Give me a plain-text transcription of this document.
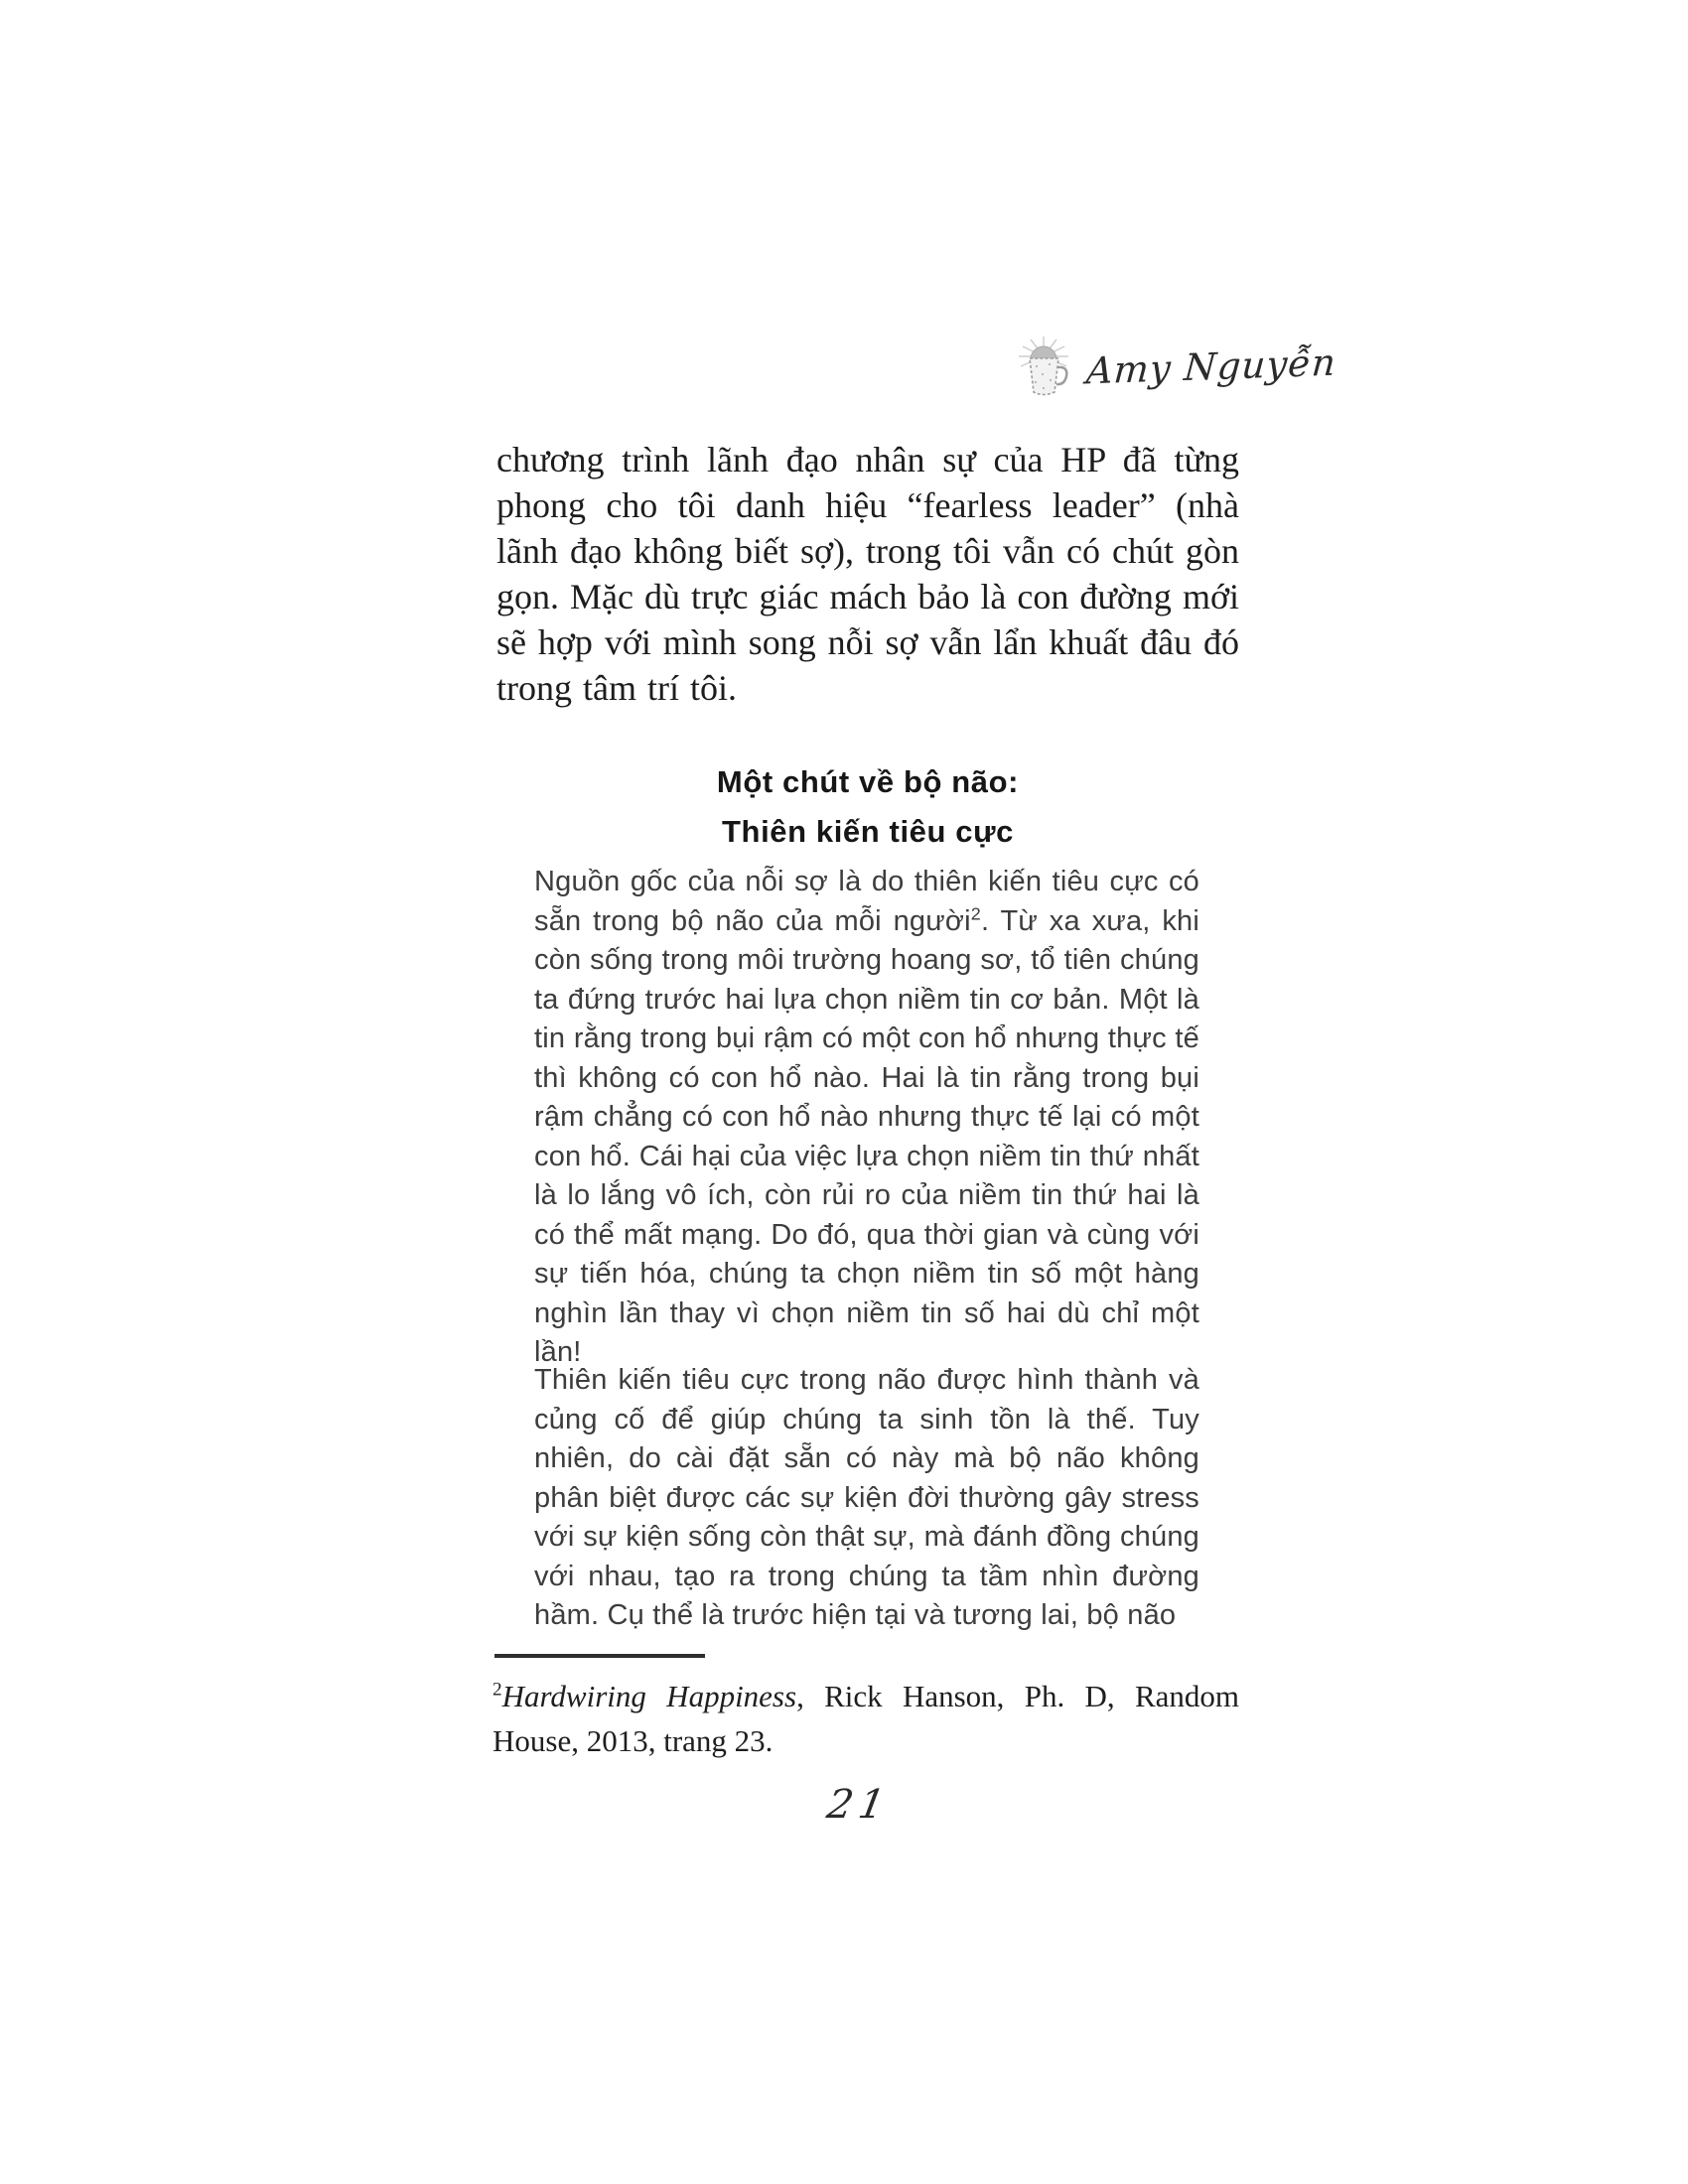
Amy Nguyễn
chương trình lãnh đạo nhân sự của HP đã từng phong cho tôi danh hiệu “fearless leader” (nhà lãnh đạo không biết sợ), trong tôi vẫn có chút gòn gọn. Mặc dù trực giác mách bảo là con đường mới sẽ hợp với mình song nỗi sợ vẫn lẩn khuất đâu đó trong tâm trí tôi.
Một chút về bộ não:
Thiên kiến tiêu cực
Nguồn gốc của nỗi sợ là do thiên kiến tiêu cực có sẵn trong bộ não của mỗi người$^2$. Từ xa xưa, khi còn sống trong môi trường hoang sơ, tổ tiên chúng ta đứng trước hai lựa chọn niềm tin cơ bản. Một là tin rằng trong bụi rậm có một con hổ nhưng thực tế thì không có con hổ nào. Hai là tin rằng trong bụi rậm chẳng có con hổ nào nhưng thực tế lại có một con hổ. Cái hại của việc lựa chọn niềm tin thứ nhất là lo lắng vô ích, còn rủi ro của niềm tin thứ hai là có thể mất mạng. Do đó, qua thời gian và cùng với sự tiến hóa, chúng ta chọn niềm tin số một hàng nghìn lần thay vì chọn niềm tin số hai dù chỉ một lần!
Thiên kiến tiêu cực trong não được hình thành và củng cố để giúp chúng ta sinh tồn là thế. Tuy nhiên, do cài đặt sẵn có này mà bộ não không phân biệt được các sự kiện đời thường gây stress với sự kiện sống còn thật sự, mà đánh đồng chúng với nhau, tạo ra trong chúng ta tầm nhìn đường hầm. Cụ thể là trước hiện tại và tương lai, bộ não
$^2$Hardwiring Happiness, Rick Hanson, Ph. D, Random House, 2013, trang 23.
21
